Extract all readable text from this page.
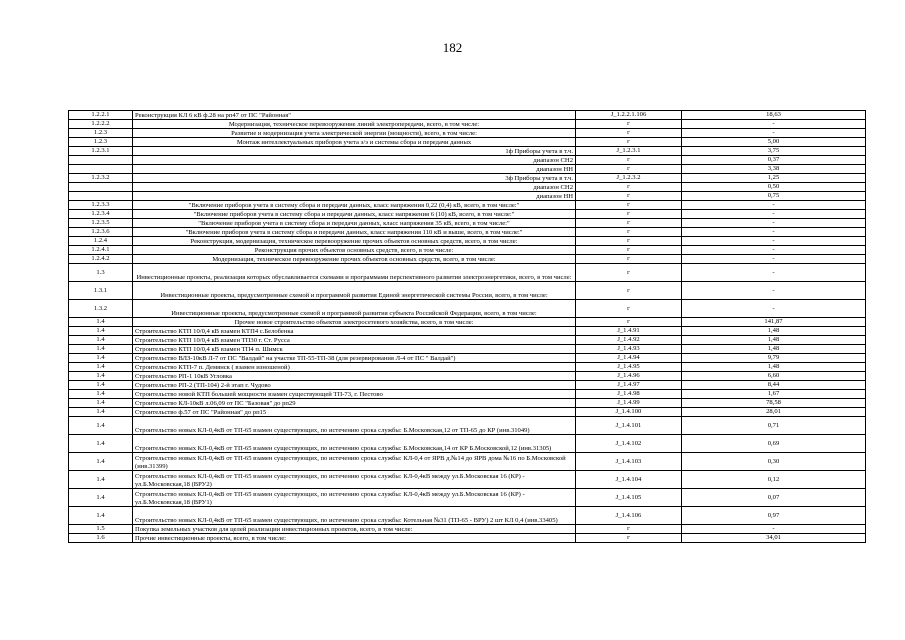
182
1.2.2.1	Реконструкция КЛ 6 кВ ф.28 на рп47 от ПС "Районная"	J_1.2.2.1.106	18,63
1.2.2.2	Модернизация, техническое перевооружение линий электропередачи, всего, в том числе:	г	-
1.2.3	Развитие и модернизация учета электрической энергии (мощности), всего, в том числе:	г	-
1.2.3	Монтаж интеллектуальных приборов учета э/э и системы сбора и передачи данных	г	5,00
1.2.3.1	1ф Приборы учета в т.ч.	J_1.2.3.1	3,75
	диапазон СН2	г	0,37
	диапазон НН	г	3,38
1.2.3.2	3ф Приборы учета в т.ч.	J_1.2.3.2	1,25
	диапазон СН2	г	0,50
	диапазон НН	г	0,75
1.2.3.3	"Включение приборов учета в систему сбора и передачи данных, класс напряжения 0,22 (0,4) кВ, всего, в том числе:"	г	-
1.2.3.4	"Включение приборов учета в систему сбора и передачи данных, класс напряжения 6 (10) кВ, всего, в том числе:"	г	-
1.2.3.5	"Включение приборов учета в систему сбора и передачи данных, класс напряжения 35 кВ, всего, в том числе:"	г	-
1.2.3.6	"Включение приборов учета в систему сбора и передачи данных, класс напряжения 110 кВ и выше, всего, в том числе:"	г	-
1.2.4	Реконструкция, модернизация, техническое перевооружение прочих объектов основных средств, всего, в том числе:	г	-
1.2.4.1	Реконструкция прочих объектов основных средств, всего, в том числе:	г	-
1.2.4.2	Модернизация, техническое перевооружение прочих объектов основных средств, всего, в том числе:	г	-
1.3	Инвестиционные проекты, реализация которых обуславливается схемами и программами перспективного развития электроэнергетики, всего, в том числе:	г	-
1.3.1	Инвестиционные проекты, предусмотренные схемой и программой развития Единой энергетической системы России, всего, в том числе:	г	-
1.3.2	Инвестиционные проекты, предусмотренные схемой и программой развития субъекта Российской Федерации, всего, в том числе:	г	-
1.4	Прочее новое строительство объектов электросетевого хозяйства, всего, в том числе:	г	141,87
1.4	Строительство КТП 10/0,4 кВ взамен КТП4 с.Белобенка	J_1.4.91	1,48
1.4	Строительство КТП 10/0,4 кВ взамен ТП30 г. Ст. Русса	J_1.4.92	1,48
1.4	Строительство КТП 10/0,4 кВ взамен ТП4 п. Шимск	J_1.4.93	1,48
1.4	Строительство ВЛЗ-10кВ Л-7 от ПС "Валдай" на участке ТП-55-ТП-38 (для резервирования Л-4 от ПС " Валдай")	J_1.4.94	9,79
1.4	Строительство КТП-7 п. Демянск ( взамен изношеной)	J_1.4.95	1,48
1.4	Строительство РП-1 10кВ Угловка	J_1.4.96	6,60
1.4	Строительство РП-2 (ТП-104) 2-й этап г. Чудово	J_1.4.97	8,44
1.4	Строительство новой КТП большей мощности взамен существующей ТП-73, г. Пестово	J_1.4.98	1,67
1.4	Строительство КЛ-10кВ л.06,09 от ПС "Базовая" до рп29	J_1.4.99	78,58
1.4	Строительство ф.57 от ПС "Районная" до рп15	J_1.4.100	28,01
1.4	Строительство новых КЛ-0,4кВ от ТП-65 взамен существующих, по истечению срока службы: Б.Московская,12 от ТП-65 до КР (инв.31049)	J_1.4.101	0,71
1.4	Строительство новых КЛ-0,4кВ от ТП-65 взамен существующих, по истечению срока службы: Б.Московская,14 от КР Б.Московской,12 (инв.31305)	J_1.4.102	0,69
1.4	Строительство новых КЛ-0,4кВ от ТП-65 взамен существующих, по истечению срока службы: КЛ-0,4 от ЯРВ д.№14 до ЯРВ дома №16 по Б.Московской (инв.31399)	J_1.4.103	0,30
1.4	Строительство новых КЛ-0,4кВ от ТП-65 взамен существующих, по истечению срока службы: КЛ-0,4кВ между ул.Б.Московская 16 (КР) - ул.Б.Московская,18 (ВРУ2)	J_1.4.104	0,12
1.4	Строительство новых КЛ-0,4кВ от ТП-65 взамен существующих, по истечению срока службы: КЛ-0,4кВ между ул.Б.Московская 16 (КР) - ул.Б.Московская,18 (ВРУ1)	J_1.4.105	0,07
1.4	Строительство новых КЛ-0,4кВ от ТП-65 взамен существующих, по истечению срока службы: Котельная №31 (ТП-65 - ВРУ) 2 шт КЛ 0,4 (инв.33405)	J_1.4.106	0,97
1.5	Покупка земельных участков для целей реализации инвестиционных проектов, всего, в том числе:	г	-
1.6	Прочие инвестиционные проекты, всего, в том числе:	г	34,01
